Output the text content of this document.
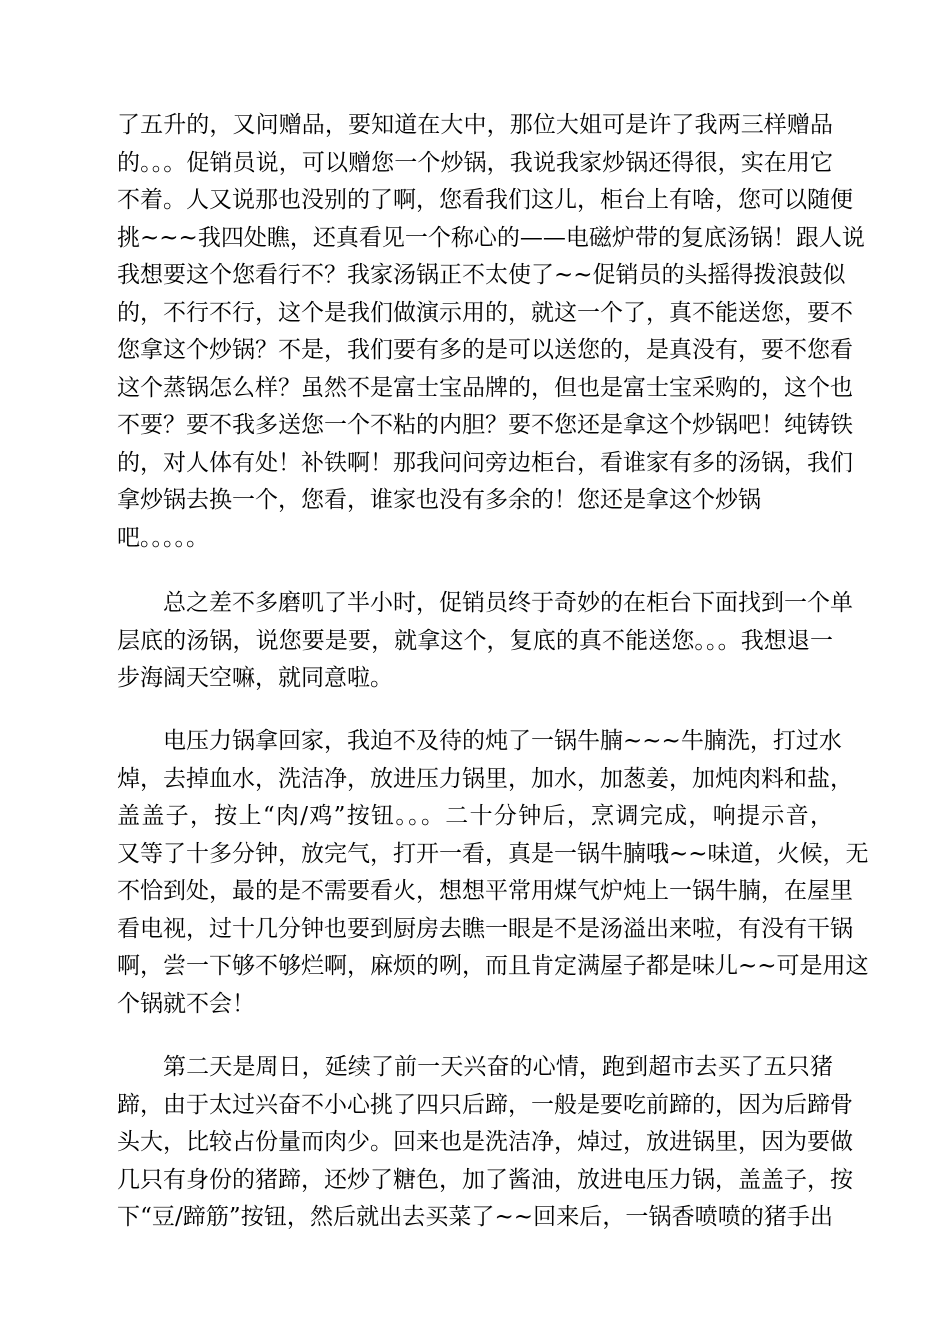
了五升的，又问赠品，要知道在大中，那位大姐可是许了我两三样赠品
的。。。促销员说，可以赠您一个炒锅，我说我家炒锅还得很，实在用它
不着。人又说那也没别的了啊，您看我们这儿，柜台上有啥，您可以随便
挑~~~我四处瞧，还真看见一个称心的——电磁炉带的复底汤锅！跟人说
我想要这个您看行不？我家汤锅正不太使了~~促销员的头摇得拨浪鼓似
的，不行不行，这个是我们做演示用的，就这一个了，真不能送您，要不
您拿这个炒锅？不是，我们要有多的是可以送您的，是真没有，要不您看
这个蒸锅怎么样？虽然不是富士宝品牌的，但也是富士宝采购的，这个也
不要？要不我多送您一个不粘的内胆？要不您还是拿这个炒锅吧！纯铸铁
的，对人体有处！补铁啊！那我问问旁边柜台，看谁家有多的汤锅，我们
拿炒锅去换一个，您看，谁家也没有多余的！您还是拿这个炒锅
吧。。。。。
总之差不多磨叽了半小时，促销员终于奇妙的在柜台下面找到一个单
层底的汤锅，说您要是要，就拿这个，复底的真不能送您。。。我想退一
步海阔天空嘛，就同意啦。
电压力锅拿回家，我迫不及待的炖了一锅牛腩~~~牛腩洗，打过水
焯，去掉血水，洗洁净，放进压力锅里，加水，加葱姜，加炖肉料和盐，
盖盖子，按上“肉/鸡”按钮。。。二十分钟后，烹调完成，响提示音，
又等了十多分钟，放完气，打开一看，真是一锅牛腩哦~~味道，火候，无
不恰到处，最的是不需要看火，想想平常用煤气炉炖上一锅牛腩，在屋里
看电视，过十几分钟也要到厨房去瞧一眼是不是汤溢出来啦，有没有干锅
啊，尝一下够不够烂啊，麻烦的咧，而且肯定满屋子都是味儿~~可是用这
个锅就不会！
第二天是周日，延续了前一天兴奋的心情，跑到超市去买了五只猪
蹄，由于太过兴奋不小心挑了四只后蹄，一般是要吃前蹄的，因为后蹄骨
头大，比较占份量而肉少。回来也是洗洁净，焯过，放进锅里，因为要做
几只有身份的猪蹄，还炒了糖色，加了酱油，放进电压力锅，盖盖子，按
下“豆/蹄筋”按钮，然后就出去买菜了~~回来后，一锅香喷喷的猪手出
